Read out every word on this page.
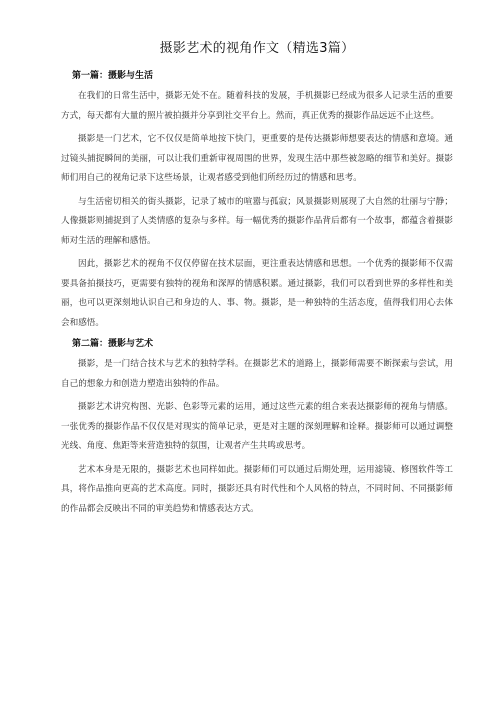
摄影艺术的视角作文（精选3篇）
第一篇：摄影与生活

在我们的日常生活中，摄影无处不在。随着科技的发展，手机摄影已经成为很多人记录生活的重要方式，每天都有大量的照片被拍摄并分享到社交平台上。然而，真正优秀的摄影作品远远不止这些。

摄影是一门艺术，它不仅仅是简单地按下快门，更重要的是传达摄影师想要表达的情感和意境。通过镜头捕捉瞬间的美丽，可以让我们重新审视周围的世界，发现生活中那些被忽略的细节和美好。摄影师们用自己的视角记录下这些场景，让观者感受到他们所经历过的情感和思考。

与生活密切相关的街头摄影，记录了城市的喧嚣与孤寂；风景摄影则展现了大自然的壮丽与宁静；人像摄影则捕捉到了人类情感的复杂与多样。每一幅优秀的摄影作品背后都有一个故事，都蕴含着摄影师对生活的理解和感悟。

因此，摄影艺术的视角不仅仅停留在技术层面，更注重表达情感和思想。一个优秀的摄影师不仅需要具备拍摄技巧，更需要有独特的视角和深厚的情感积累。通过摄影，我们可以看到世界的多样性和美丽，也可以更深刻地认识自己和身边的人、事、物。摄影，是一种独特的生活态度，值得我们用心去体会和感悟。

第二篇：摄影与艺术

摄影，是一门结合技术与艺术的独特学科。在摄影艺术的道路上，摄影师需要不断探索与尝试，用自己的想象力和创造力塑造出独特的作品。

摄影艺术讲究构图、光影、色彩等元素的运用，通过这些元素的组合来表达摄影师的视角与情感。一张优秀的摄影作品不仅仅是对现实的简单记录，更是对主题的深刻理解和诠释。摄影师可以通过调整光线、角度、焦距等来营造独特的氛围，让观者产生共鸣或思考。

艺术本身是无限的，摄影艺术也同样如此。摄影师们可以通过后期处理，运用滤镜、修图软件等工具，将作品推向更高的艺术高度。同时，摄影还具有时代性和个人风格的特点，不同时间、不同摄影师的作品都会反映出不同的审美趋势和情感表达方式。
